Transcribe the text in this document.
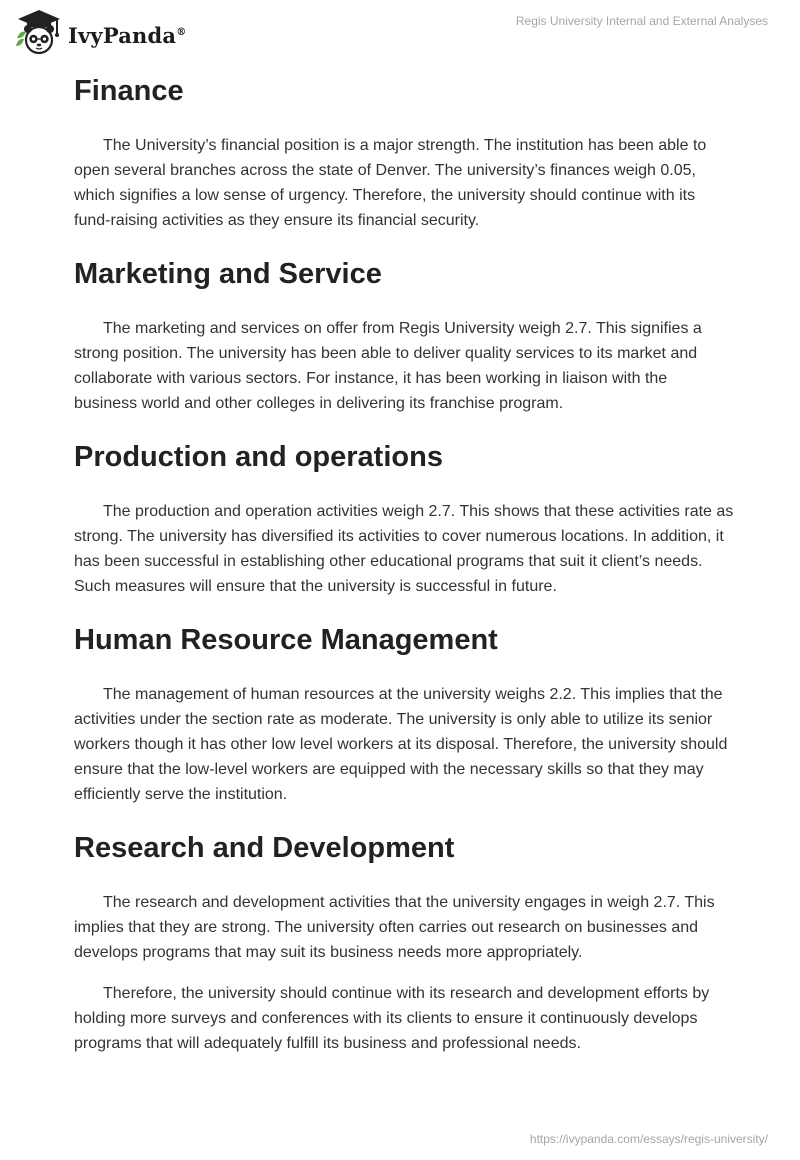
IvyPanda®
Regis University Internal and External Analyses
Finance

The University’s financial position is a major strength. The institution has been able to open several branches across the state of Denver. The university’s finances weigh 0.05, which signifies a low sense of urgency. Therefore, the university should continue with its fund-raising activities as they ensure its financial security.

Marketing and Service

The marketing and services on offer from Regis University weigh 2.7. This signifies a strong position. The university has been able to deliver quality services to its market and collaborate with various sectors. For instance, it has been working in liaison with the business world and other colleges in delivering its franchise program.

Production and operations

The production and operation activities weigh 2.7. This shows that these activities rate as strong. The university has diversified its activities to cover numerous locations. In addition, it has been successful in establishing other educational programs that suit it client’s needs. Such measures will ensure that the university is successful in future.

Human Resource Management

The management of human resources at the university weighs 2.2. This implies that the activities under the section rate as moderate. The university is only able to utilize its senior workers though it has other low level workers at its disposal. Therefore, the university should ensure that the low-level workers are equipped with the necessary skills so that they may efficiently serve the institution.

Research and Development

The research and development activities that the university engages in weigh 2.7. This implies that they are strong. The university often carries out research on businesses and develops programs that may suit its business needs more appropriately.

Therefore, the university should continue with its research and development efforts by holding more surveys and conferences with its clients to ensure it continuously develops programs that will adequately fulfill its business and professional needs.

https://ivypanda.com/essays/regis-university/
